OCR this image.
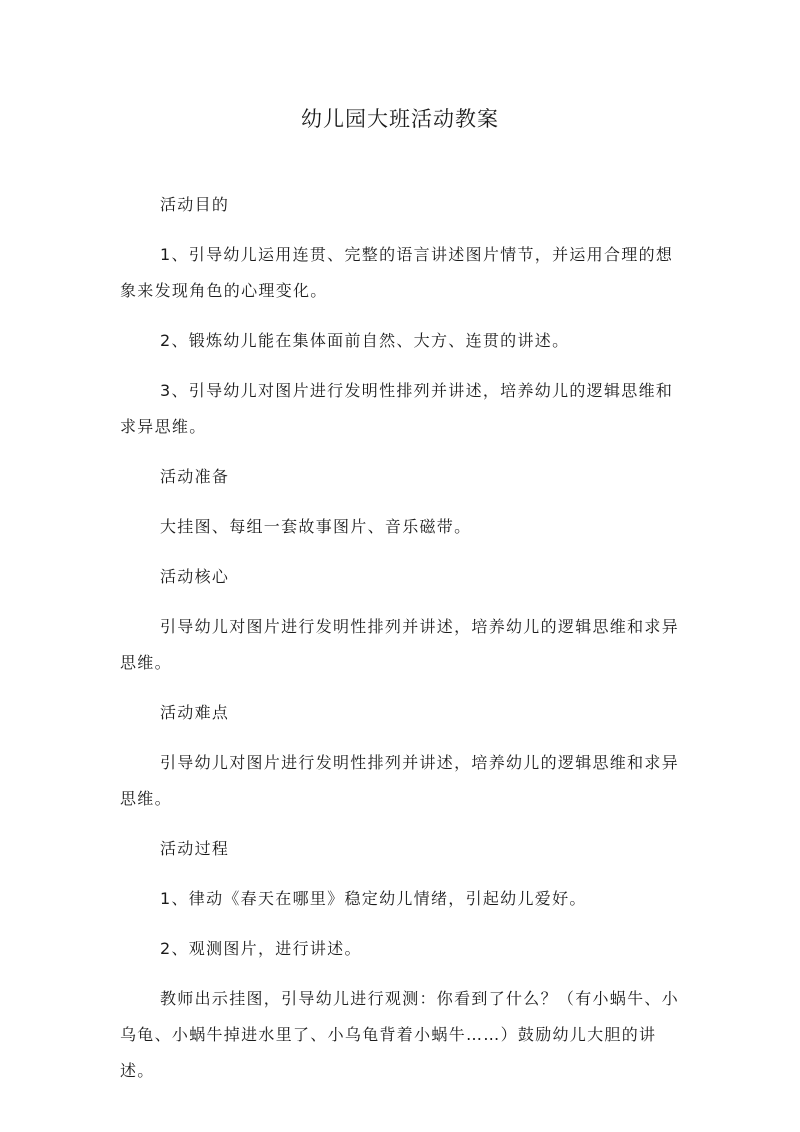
幼儿园大班活动教案

活动目的

1、引导幼儿运用连贯、完整的语言讲述图片情节，并运用合理的想象来发现角色的心理变化。

2、锻炼幼儿能在集体面前自然、大方、连贯的讲述。

3、引导幼儿对图片进行发明性排列并讲述，培养幼儿的逻辑思维和求异思维。

活动准备

大挂图、每组一套故事图片、音乐磁带。

活动核心

引导幼儿对图片进行发明性排列并讲述，培养幼儿的逻辑思维和求异思维。

活动难点

引导幼儿对图片进行发明性排列并讲述，培养幼儿的逻辑思维和求异思维。

活动过程

1、律动《春天在哪里》稳定幼儿情绪，引起幼儿爱好。

2、观测图片，进行讲述。

教师出示挂图，引导幼儿进行观测：你看到了什么？（有小蜗牛、小乌龟、小蜗牛掉进水里了、小乌龟背着小蜗牛……）鼓励幼儿大胆的讲述。
